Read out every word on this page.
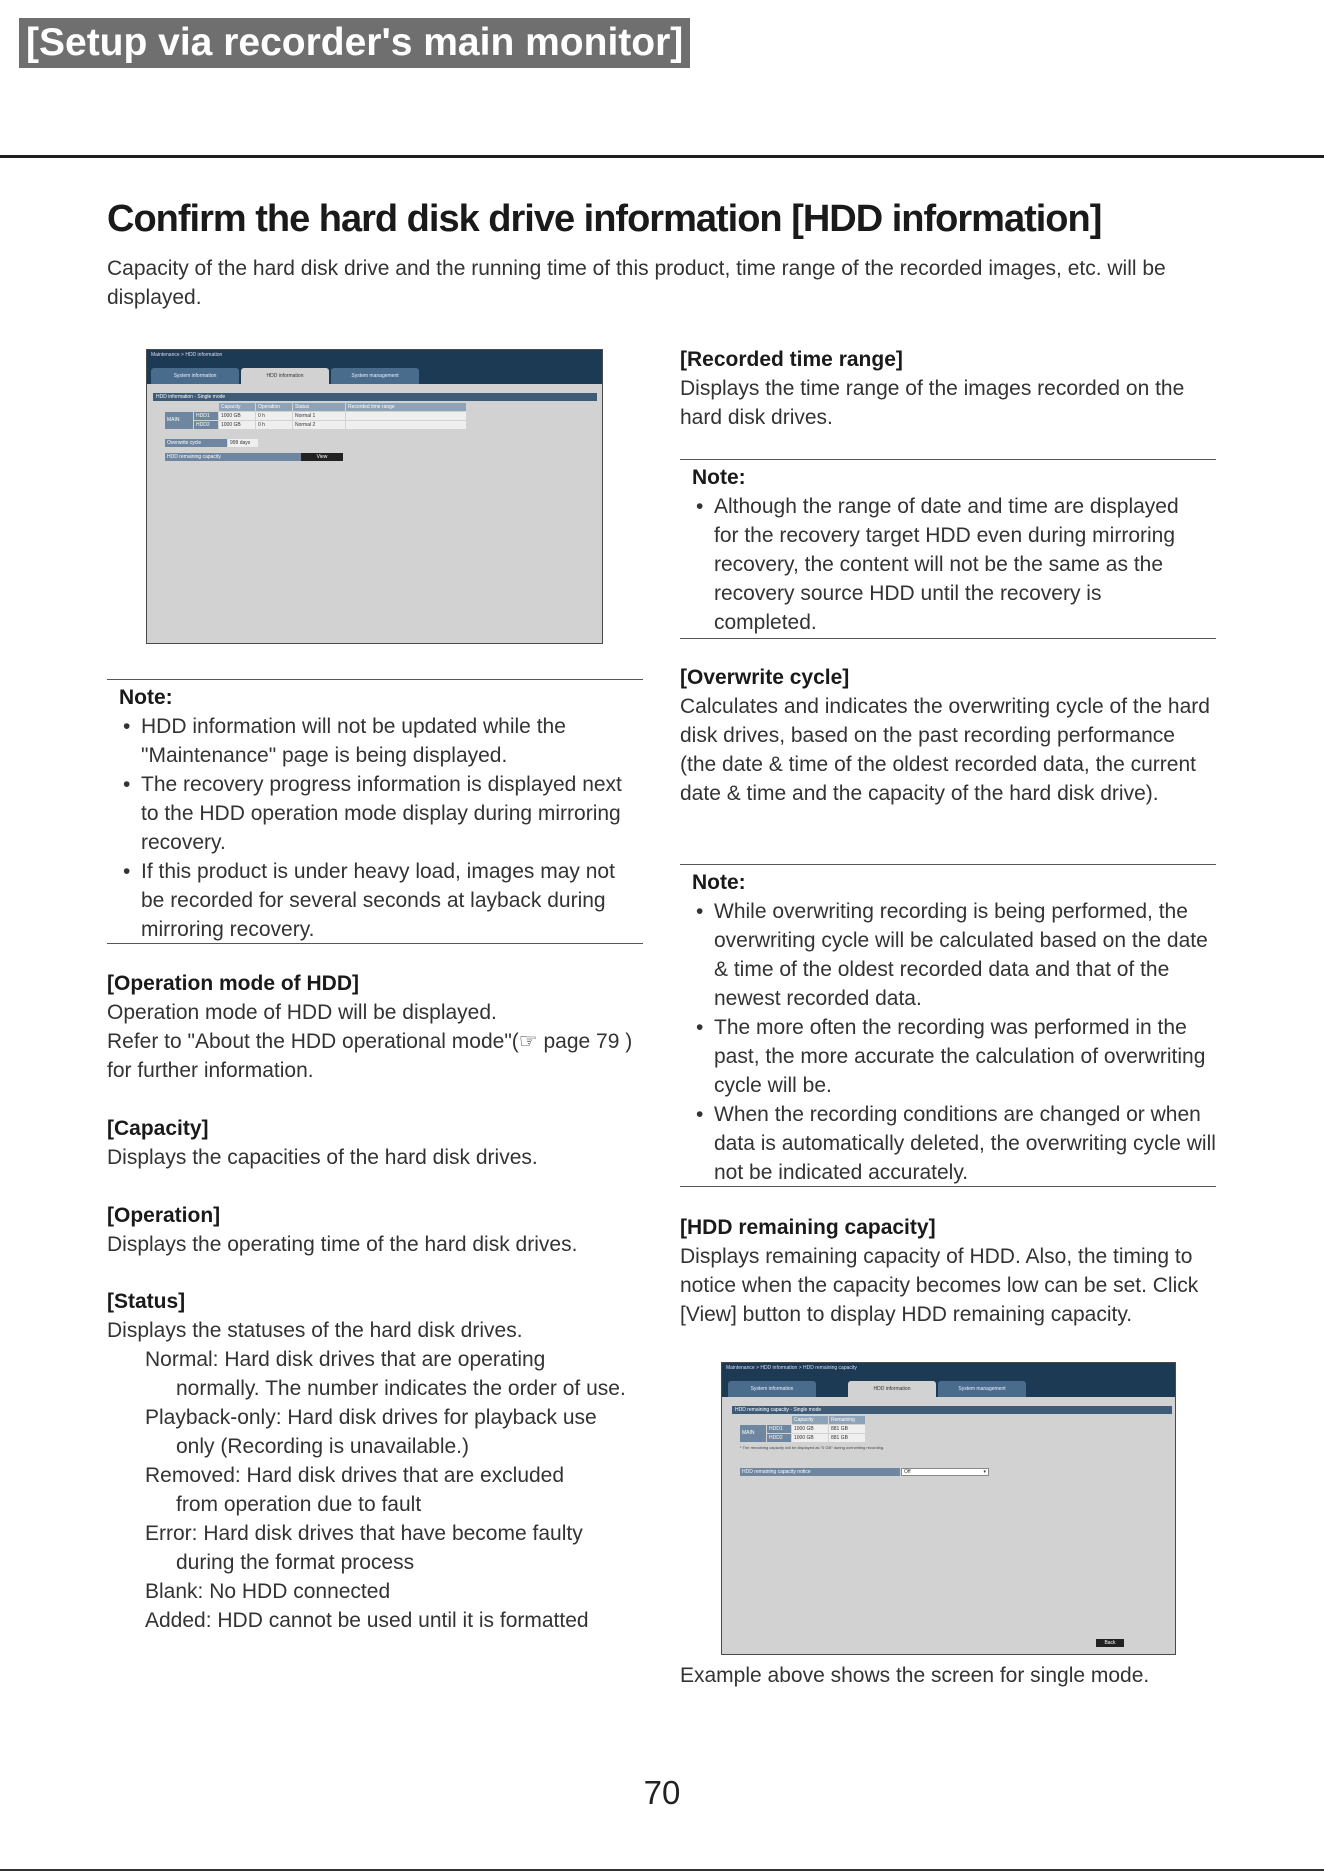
[Setup via recorder's main monitor]
Confirm the hard disk drive information [HDD information]
Capacity of the hard disk drive and the running time of this product, time range of the recorded images, etc. will be displayed.
Maintenance > HDD information
System information	HDD information	System management
HDD information - Single mode
Capacity	Operation	Status	Recorded time range
MAIN
HDD1	1000 GB	0 h	Normal 1
HDD2	1000 GB	0 h	Normal 2
Overwrite cycle	999 days
HDD remaining capacity	View
Note:
• HDD information will not be updated while the "Maintenance" page is being displayed.
• The recovery progress information is displayed next to the HDD operation mode display during mirroring recovery.
• If this product is under heavy load, images may not be recorded for several seconds at layback during mirroring recovery.
[Operation mode of HDD]
Operation mode of HDD will be displayed.
Refer to "About the HDD operational mode"(☞ page 79 ) for further information.
[Capacity]
Displays the capacities of the hard disk drives.
[Operation]
Displays the operating time of the hard disk drives.
[Status]
Displays the statuses of the hard disk drives.
Normal: Hard disk drives that are operating
normally. The number indicates the order of use.
Playback-only: Hard disk drives for playback use
only (Recording is unavailable.)
Removed: Hard disk drives that are excluded
from operation due to fault
Error: Hard disk drives that have become faulty
during the format process
Blank: No HDD connected
Added: HDD cannot be used until it is formatted
[Recorded time range]
Displays the time range of the images recorded on the hard disk drives.
Note:
• Although the range of date and time are displayed for the recovery target HDD even during mirroring recovery, the content will not be the same as the recovery source HDD until the recovery is completed.
[Overwrite cycle]
Calculates and indicates the overwriting cycle of the hard disk drives, based on the past recording performance (the date & time of the oldest recorded data, the current date & time and the capacity of the hard disk drive).
Note:
• While overwriting recording is being performed, the overwriting cycle will be calculated based on the date & time of the oldest recorded data and that of the newest recorded data.
• The more often the recording was performed in the past, the more accurate the calculation of overwriting cycle will be.
• When the recording conditions are changed or when data is automatically deleted, the overwriting cycle will not be indicated accurately.
[HDD remaining capacity]
Displays remaining capacity of HDD. Also, the timing to notice when the capacity becomes low can be set. Click [View] button to display HDD remaining capacity.
Maintenance > HDD information > HDD remaining capacity
System information	HDD information	System management
HDD remaining capacity - Single mode
Capacity	Remaining
MAIN
HDD1	1000 GB	881 GB
HDD2	1000 GB	881 GB
* The remaining capacity will be displayed as "0 GB" during overwriting recording.
HDD remaining capacity notice	Off	▾
Back
Example above shows the screen for single mode.
70
